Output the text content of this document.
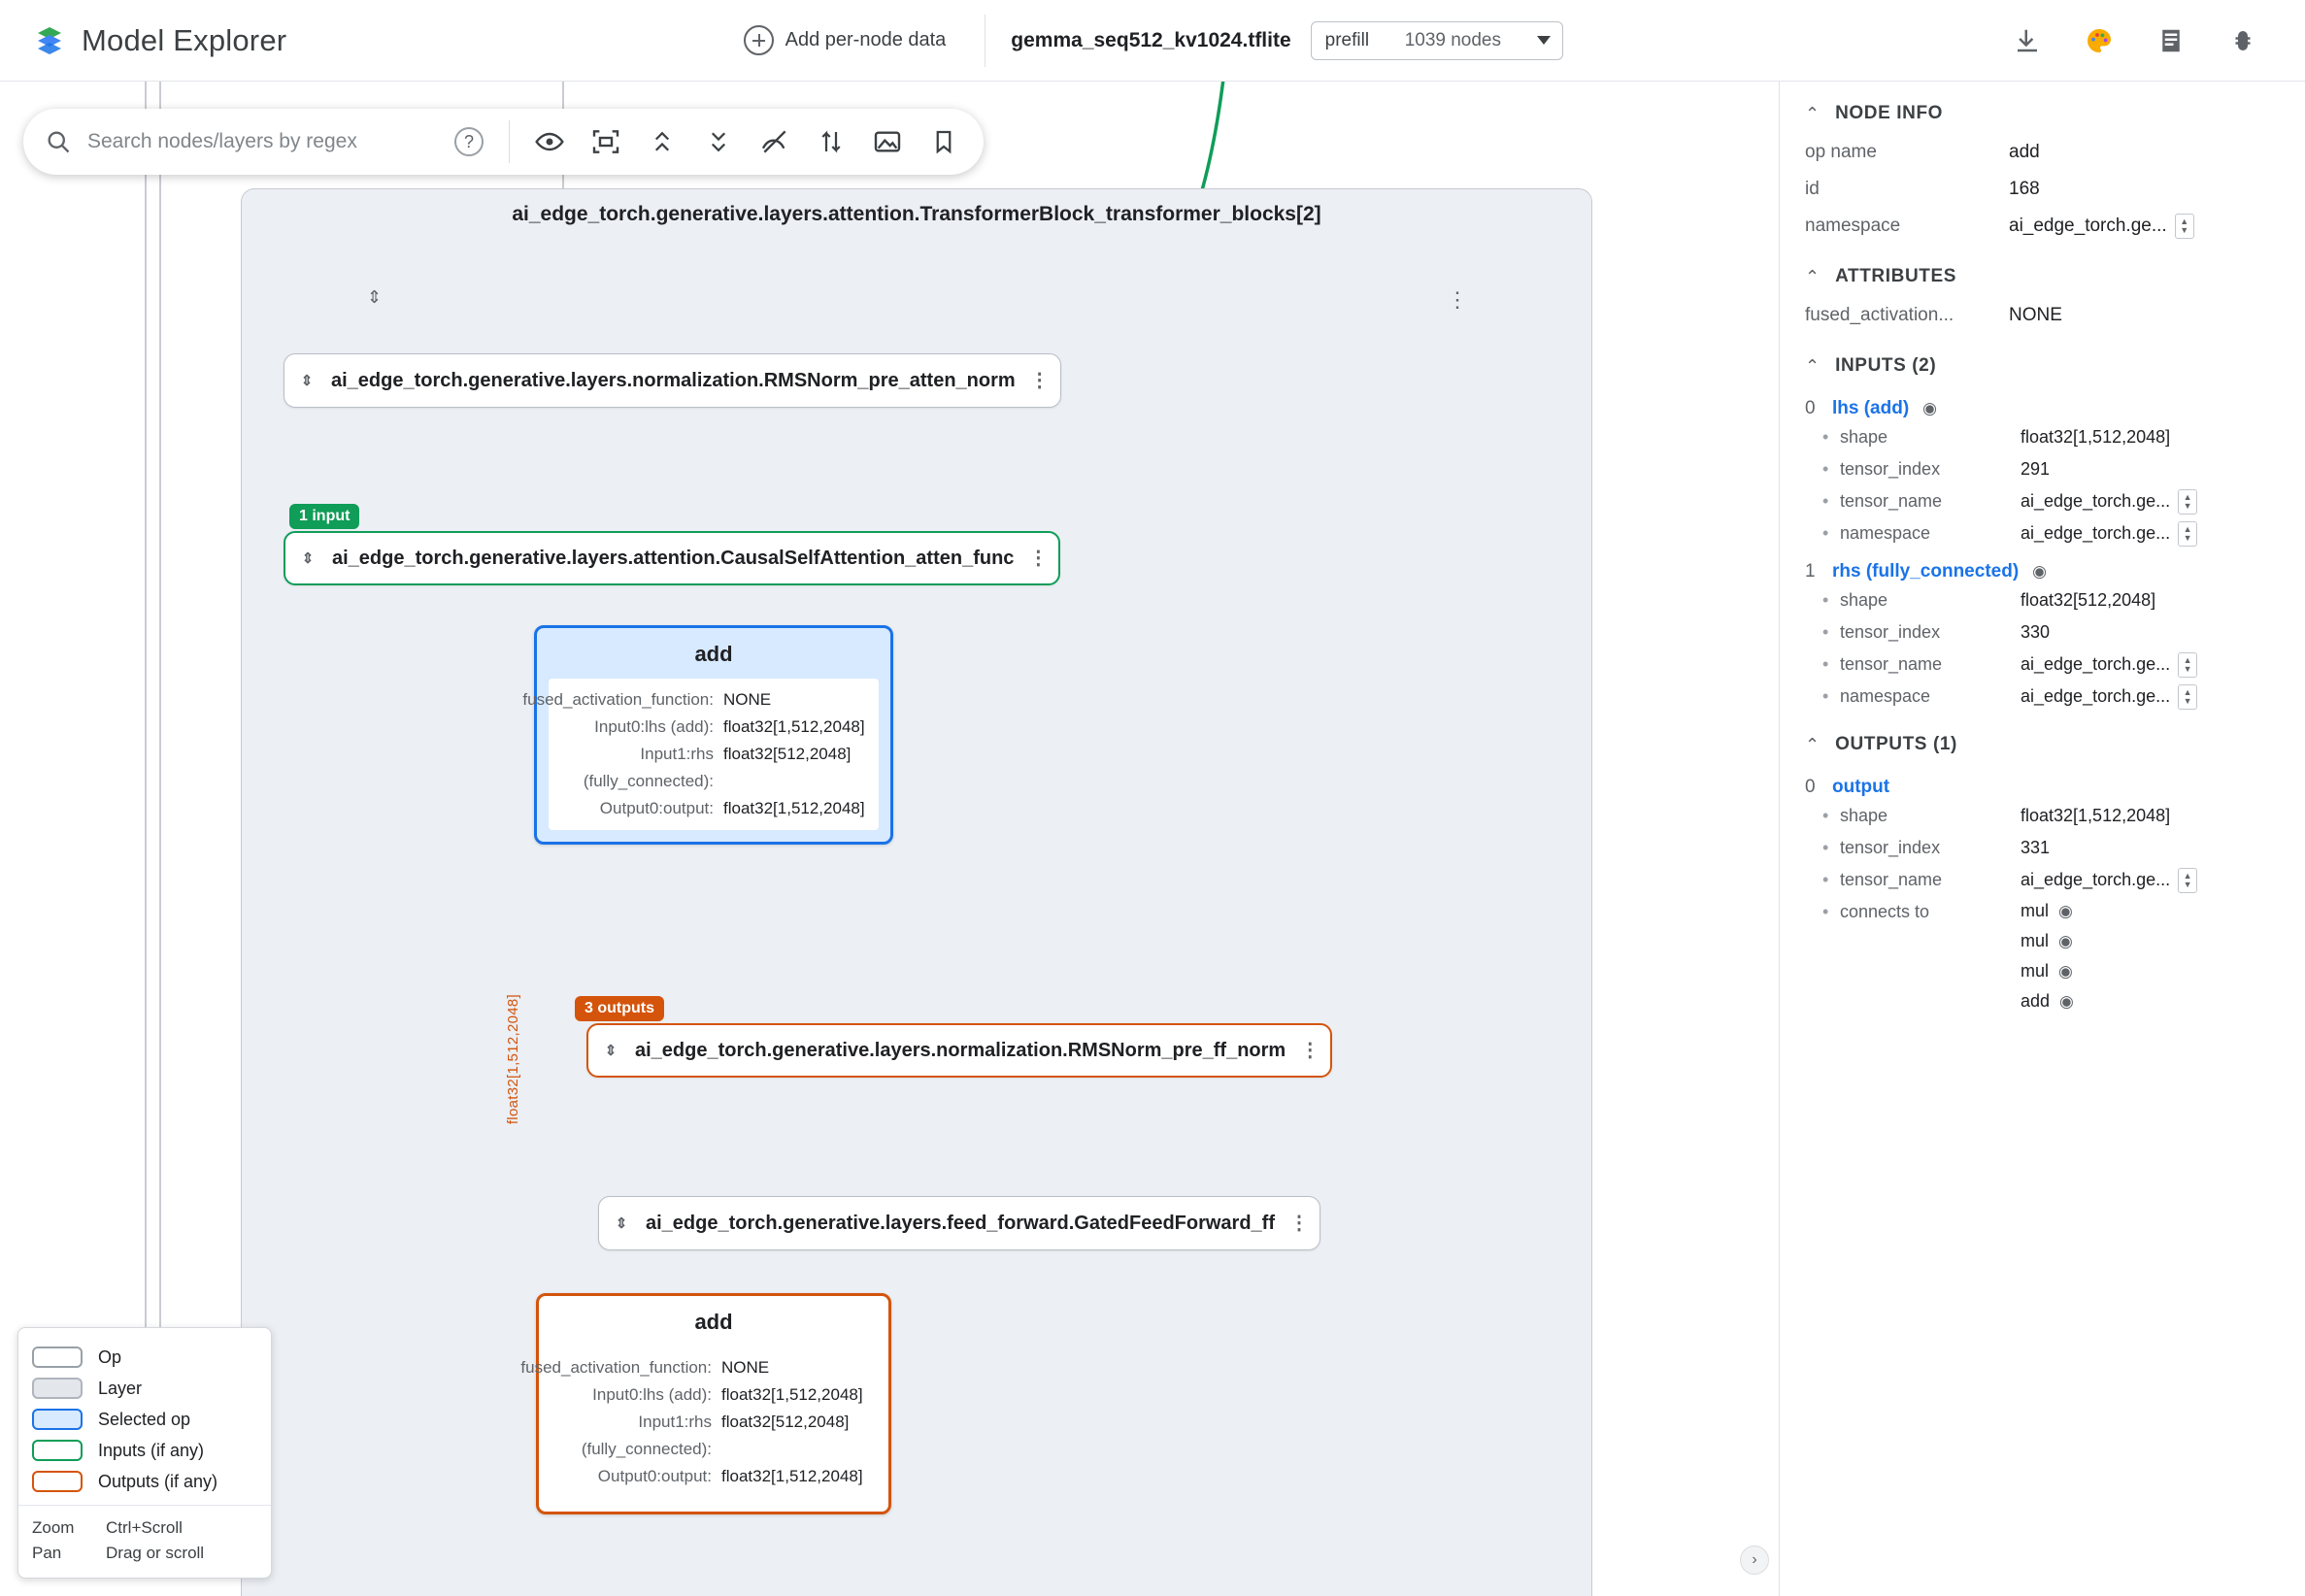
Model Explorer	Add per-node data	gemma_seq512_kv1024.tflite prefill 1039 nodes
Search nodes/layers by regex
?
ai_edge_torch.generative.layers.attention.TransformerBlock_transformer_blocks[2]
⇕	⋮
⇕ ai_edge_torch.generative.layers.normalization.RMSNorm_pre_atten_norm ⋮
1 input
⇕ ai_edge_torch.generative.layers.attention.CausalSelfAttention_atten_func ⋮
add
fused_activation_function: NONE
Input0:lhs (add): float32[1,512,2048]
Input1:rhs (fully_connected):
float32[512,2048]
Output0:output: float32[1,512,2048]
float32[1,512,2048]	3 outputs
⇕ ai_edge_torch.generative.layers.normalization.RMSNorm_pre_ff_norm ⋮
⇕ ai_edge_torch.generative.layers.feed_forward.GatedFeedForward_ff ⋮
add
fused_activation_function: NONE
Input0:lhs (add): float32[1,512,2048]
Input1:rhs (fully_connected):
float32[512,2048]
Output0:output: float32[1,512,2048]
Op
Layer
Selected op
Inputs (if any)
Outputs (if any)
Zoom	Ctrl+Scroll
Pan	Drag or scroll	›
⌃ NODE INFO
op name	add
id	168
namespace	ai_edge_torch.ge...	▲
▼
⌃ ATTRIBUTES
fused_activation...	NONE
⌃ INPUTS (2)
0 lhs (add) ◉
• shape	float32[1,512,2048]
• tensor_index	291
• tensor_name	ai_edge_torch.ge...	▲
▼
• namespace	ai_edge_torch.ge...	▲
▼
1 rhs (fully_connected) ◉
• shape	float32[512,2048]
• tensor_index	330
• tensor_name	ai_edge_torch.ge...	▲
▼
• namespace	ai_edge_torch.ge...	▲
▼
⌃ OUTPUTS (1)
0 output
• shape	float32[1,512,2048]
• tensor_index	331
• tensor_name	ai_edge_torch.ge...	▲
▼
• connects to	mul ◉
mul ◉
mul ◉
add ◉
